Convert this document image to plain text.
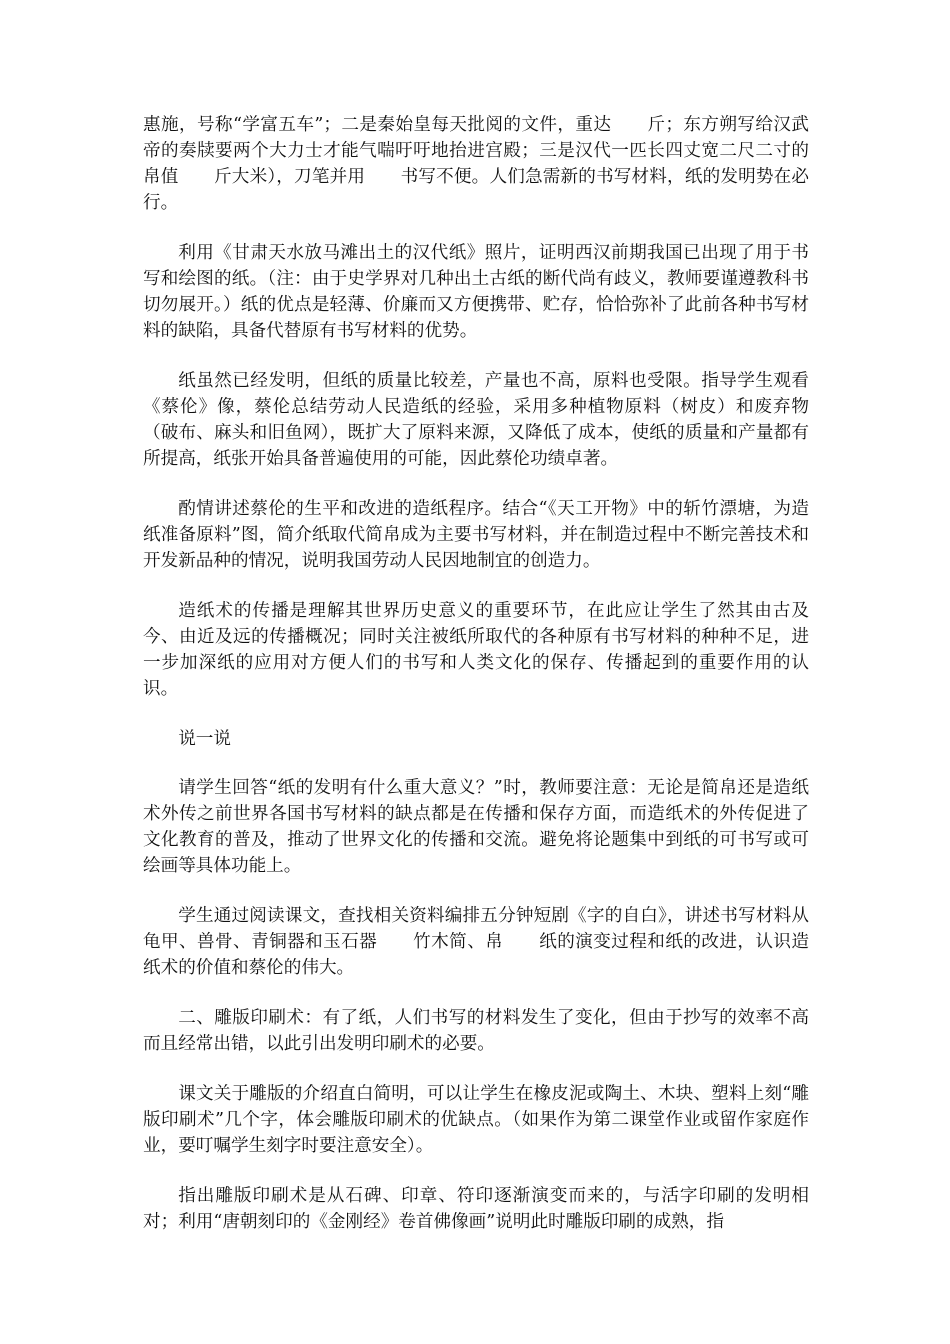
惠施，号称“学富五车”；二是秦始皇每天批阅的文件，重达　　斤；东方朔写给汉武帝的奏牍要两个大力士才能气喘吁吁地抬进宫殿；三是汉代一匹长四丈宽二尺二寸的帛值　　斤大米），刀笔并用　　书写不便。人们急需新的书写材料，纸的发明势在必行。

利用《甘肃天水放马滩出土的汉代纸》照片，证明西汉前期我国已出现了用于书写和绘图的纸。（注：由于史学界对几种出土古纸的断代尚有歧义，教师要谨遵教科书切勿展开。）纸的优点是轻薄、价廉而又方便携带、贮存，恰恰弥补了此前各种书写材料的缺陷，具备代替原有书写材料的优势。

纸虽然已经发明，但纸的质量比较差，产量也不高，原料也受限。指导学生观看《蔡伦》像，蔡伦总结劳动人民造纸的经验，采用多种植物原料（树皮）和废弃物（破布、麻头和旧鱼网），既扩大了原料来源，又降低了成本，使纸的质量和产量都有所提高，纸张开始具备普遍使用的可能，因此蔡伦功绩卓著。

酌情讲述蔡伦的生平和改进的造纸程序。结合“《天工开物》中的斩竹漂塘，为造纸准备原料”图，简介纸取代简帛成为主要书写材料，并在制造过程中不断完善技术和开发新品种的情况，说明我国劳动人民因地制宜的创造力。

造纸术的传播是理解其世界历史意义的重要环节，在此应让学生了然其由古及今、由近及远的传播概况；同时关注被纸所取代的各种原有书写材料的种种不足，进一步加深纸的应用对方便人们的书写和人类文化的保存、传播起到的重要作用的认识。

说一说

请学生回答“纸的发明有什么重大意义？”时，教师要注意：无论是简帛还是造纸术外传之前世界各国书写材料的缺点都是在传播和保存方面，而造纸术的外传促进了文化教育的普及，推动了世界文化的传播和交流。避免将论题集中到纸的可书写或可绘画等具体功能上。

学生通过阅读课文，查找相关资料编排五分钟短剧《字的自白》，讲述书写材料从龟甲、兽骨、青铜器和玉石器　　竹木简、帛　　纸的演变过程和纸的改进，认识造纸术的价值和蔡伦的伟大。

二、雕版印刷术：有了纸，人们书写的材料发生了变化，但由于抄写的效率不高而且经常出错，以此引出发明印刷术的必要。

课文关于雕版的介绍直白简明，可以让学生在橡皮泥或陶土、木块、塑料上刻“雕版印刷术”几个字，体会雕版印刷术的优缺点。（如果作为第二课堂作业或留作家庭作业，要叮嘱学生刻字时要注意安全）。

指出雕版印刷术是从石碑、印章、符印逐渐演变而来的，与活字印刷的发明相对；利用“唐朝刻印的《金刚经》卷首佛像画”说明此时雕版印刷的成熟，指
